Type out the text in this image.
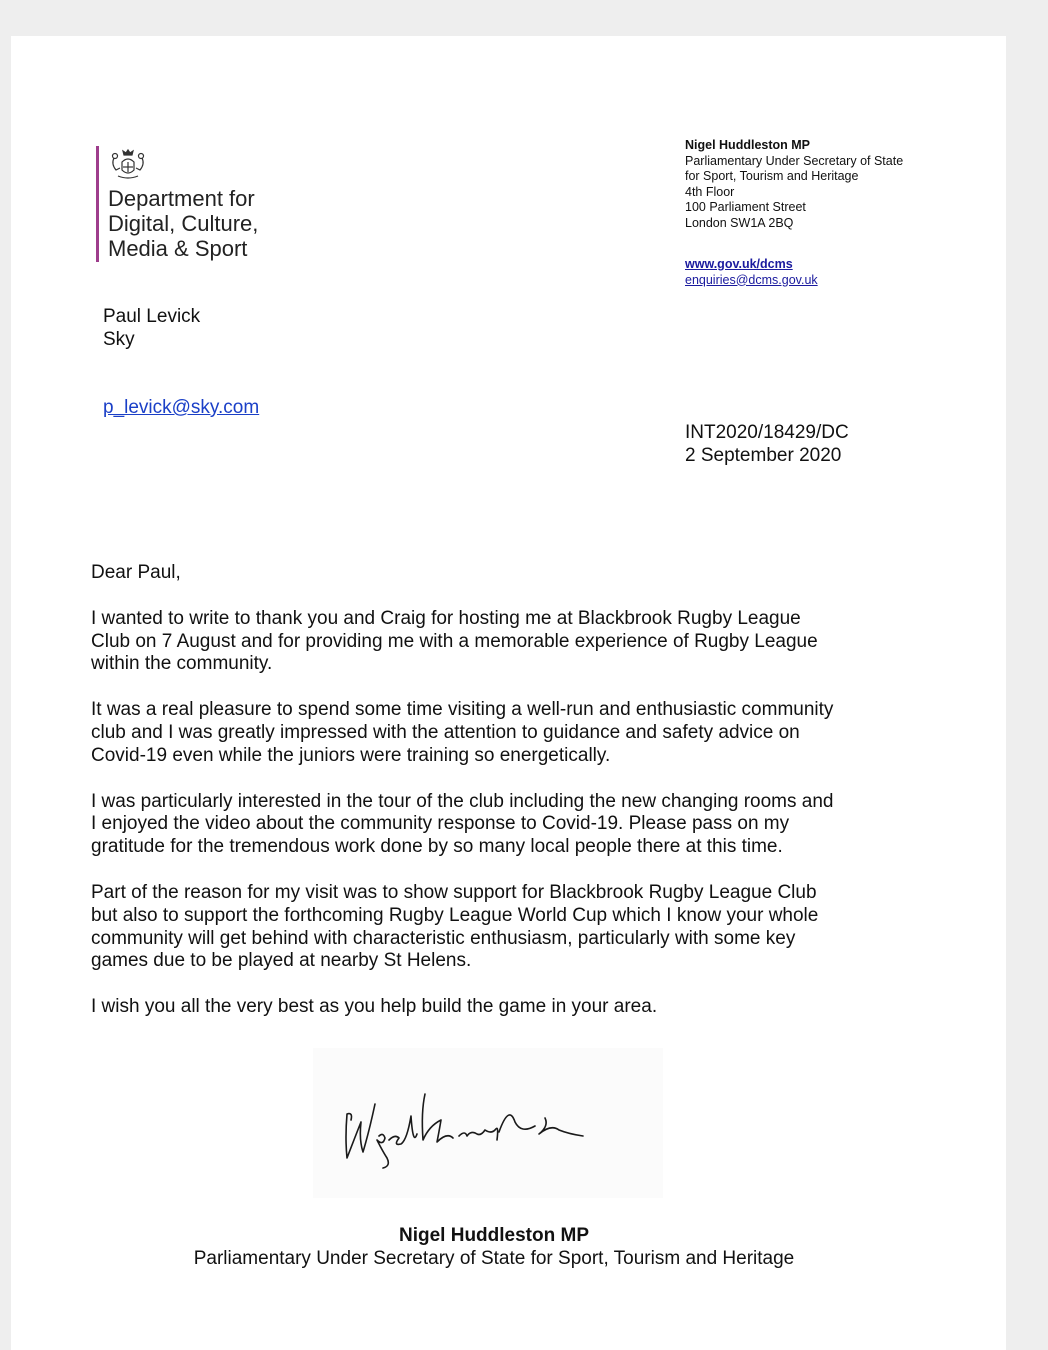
Department for
Digital, Culture,
Media & Sport

Nigel Huddleston MP
Parliamentary Under Secretary of State
for Sport, Tourism and Heritage
4th Floor
100 Parliament Street
London SW1A 2BQ
www.gov.uk/dcms
enquiries@dcms.gov.uk
Paul Levick
Sky
p_levick@sky.com
INT2020/18429/DC
2 September 2020

Dear Paul,

I wanted to write to thank you and Craig for hosting me at Blackbrook Rugby League
Club on 7 August and for providing me with a memorable experience of Rugby League
within the community.

It was a real pleasure to spend some time visiting a well-run and enthusiastic community
club and I was greatly impressed with the attention to guidance and safety advice on
Covid-19 even while the juniors were training so energetically.

I was particularly interested in the tour of the club including the new changing rooms and
I enjoyed the video about the community response to Covid-19. Please pass on my
gratitude for the tremendous work done by so many local people there at this time.

Part of the reason for my visit was to show support for Blackbrook Rugby League Club
but also to support the forthcoming Rugby League World Cup which I know your whole
community will get behind with characteristic enthusiasm, particularly with some key
games due to be played at nearby St Helens.

I wish you all the very best as you help build the game in your area.

Nigel Huddleston MP
Parliamentary Under Secretary of State for Sport, Tourism and Heritage
